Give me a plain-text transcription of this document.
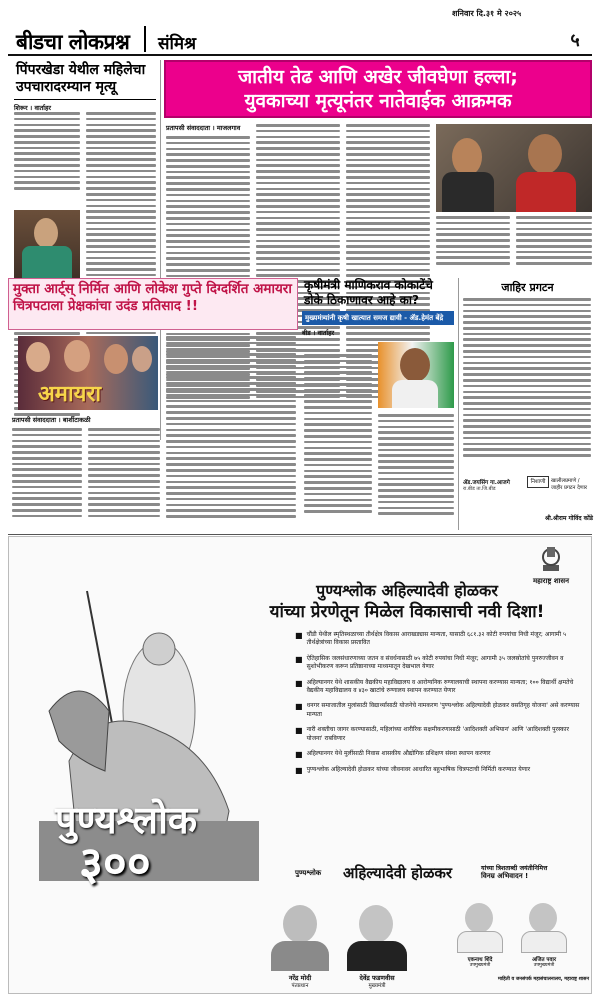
बीडचा लोकप्रश्न संमिश्र
शनिवार दि.३१ मे २०२५
५
पिंपरखेडा येथील महिलेचा उपचारादरम्यान मृत्यू
शिरूर । वार्ताहर
जातीय तेढ आणि अखेर जीवघेणा हल्ला;
युवकाच्या मृत्यूनंतर नातेवाईक आक्रमक
प्रतापसी संवाददाता । माजलगाव
मुक्ता आर्ट्स् निर्मित आणि लोकेश गुप्ते दिग्दर्शित अमायरा चित्रपटाला प्रेक्षकांचा उदंड प्रतिसाद !!
अमायरा
प्रतापसी संवाददाता । बार्शीटाकळी
कृषीमंत्री माणिकराव कोकाटेंचे डोके ठिकाणावर आहे का?
मुख्यमंत्र्यांनी कृषी खात्यात समज द्यावी - ॲड.हेमंत बेंद्रे
बीड । वार्ताहर
जाहिर प्रगटन
ॲड.जयसिंग गा.आजगे
रा.बीड ता.जि.बीड
निशाणी	खालीलप्रमाणे / जाहीर प्रगटन देणार
श्री.श्रीराम गोविंद कोंडे
महाराष्ट्र शासन
पुण्यश्लोक
३००
पुण्यश्लोक अहिल्यादेवी होळकर
यांच्या प्रेरणेतून मिळेल विकासाची नवी दिशा!
■ चौंडी येथील स्मृतिस्थळाच्या तीर्थक्षेत्र विकास आराखड्यास मान्यता, यासाठी ६८१.३२ कोटी रुपयांचा निधी मंजूर; आगामी ५ तीर्थक्षेत्रांच्या विकास प्रस्तावित
■ ऐतिहासिक जलसंधारणाच्या जतन व संवर्धनासाठी ७५ कोटी रुपयांचा निधी मंजूर; आगामी ३५ जलस्रोतांचे पुनरुज्जीवन व सुशोभीकरण करून प्रतिष्ठानाच्या माध्यमातून देखभाल येणार
■ अहिल्यानगर येथे शासकीय वैद्यकीय महाविद्यालय व आरोग्यनिक रुग्णालयाची स्थापना करण्यास मान्यता; १०० विद्यार्थी क्षमतेचे वैद्यकीय महाविद्यालय व ४३० खाटांचे रुग्णालय स्थापन करण्यात येणार
■ धनगर समाजातील मुलांसाठी विद्यार्थ्यांसाठी योजनेचे नामकरण 'पुण्यश्लोक अहिल्यादेवी होळकर वसतिगृह योजना' असे करण्यास मान्यता
■ नारी शक्तीचा जागर करण्यासाठी, महिलांच्या शारीरिक सक्षमीकरणासाठी 'आदिशक्ती अभियान' आणि 'आदिशक्ती पुरस्कार योजना' राबविणार
■ अहिल्यानगर येथे मुलींसाठी निवास शासकीय औद्योगिक प्रशिक्षण संस्था स्थापन करणार
■ पुण्यश्लोक अहिल्यादेवी होळकर यांच्या जीवनावर आधारित बहुभाषिक चित्रपटाची निर्मिती करण्यात येणार
पुण्यश्लोक अहिल्यादेवी होळकर	यांच्या त्रिशताब्दी जयंतीनिमित्त
विनम्र अभिवादन !
नरेंद्र मोदी
पंतप्रधान
देवेंद्र फडणवीस
मुख्यमंत्री
एकनाथ शिंदे
उपमुख्यमंत्री
अजित पवार
उपमुख्यमंत्री
माहिती व जनसंपर्क महासंचालनालय, महाराष्ट्र शासन
